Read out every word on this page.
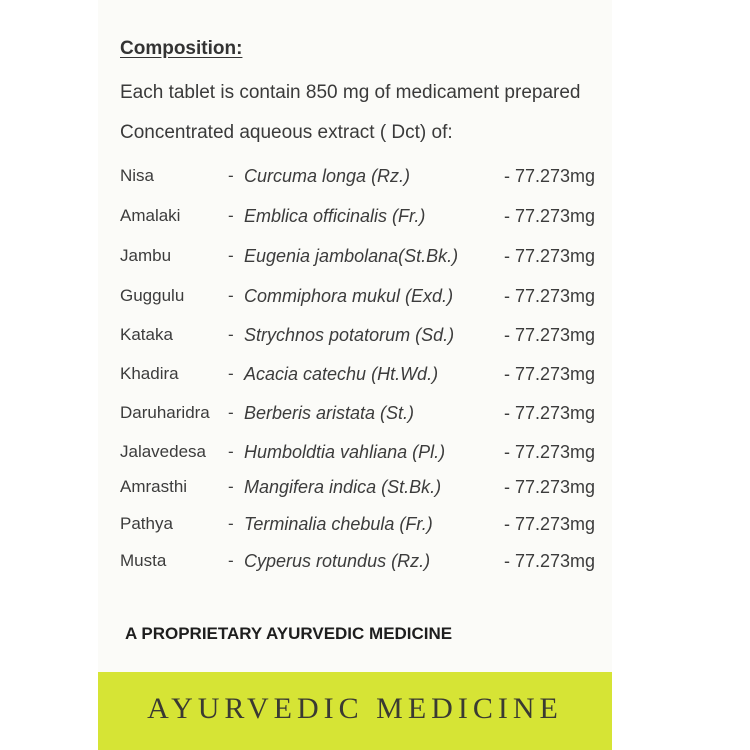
Composition:
Each tablet is contain 850 mg of medicament prepared
Concentrated aqueous extract ( Dct) of:
Nisa	- Curcuma longa (Rz.)	- 77.273mg
Amalaki	- Emblica officinalis (Fr.)	- 77.273mg
Jambu	- Eugenia jambolana(St.Bk.)	- 77.273mg
Guggulu	- Commiphora mukul (Exd.)	- 77.273mg
Kataka	- Strychnos potatorum (Sd.)	- 77.273mg
Khadira	- Acacia catechu (Ht.Wd.)	- 77.273mg
Daruharidra - Berberis aristata (St.)	- 77.273mg
Jalavedesa - Humboldtia vahliana (Pl.)	- 77.273mg
Amrasthi - Mangifera indica (St.Bk.)	- 77.273mg
Pathya	- Terminalia chebula (Fr.)	- 77.273mg
Musta	- Cyperus rotundus (Rz.)	- 77.273mg
A PROPRIETARY AYURVEDIC MEDICINE
AYURVEDIC MEDICINE
